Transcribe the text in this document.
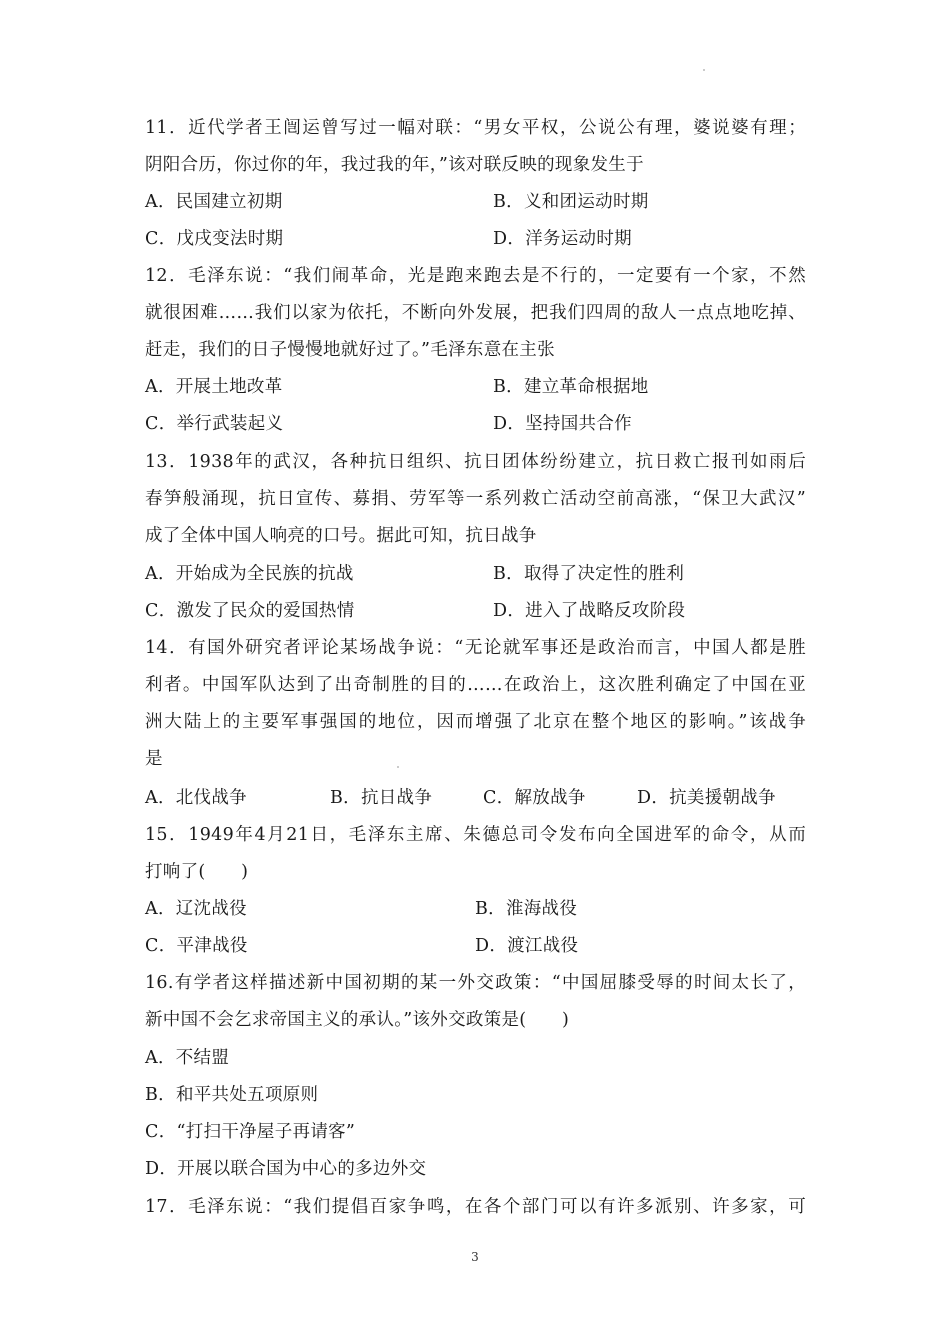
11．近代学者王闿运曾写过一幅对联：“男女平权，公说公有理，婆说婆有理；
阴阳合历，你过你的年，我过我的年，”该对联反映的现象发生于
A．民国建立初期	B．义和团运动时期
C．戊戌变法时期	D．洋务运动时期
12．毛泽东说：“我们闹革命，光是跑来跑去是不行的，一定要有一个家，不然
就很困难……我们以家为依托，不断向外发展，把我们四周的敌人一点点地吃掉、
赶走，我们的日子慢慢地就好过了。”毛泽东意在主张
A．开展土地改革	B．建立革命根据地
C．举行武装起义	D．坚持国共合作
13．1938年的武汉，各种抗日组织、抗日团体纷纷建立，抗日救亡报刊如雨后
春笋般涌现，抗日宣传、募捐、劳军等一系列救亡活动空前高涨，“保卫大武汉”
成了全体中国人响亮的口号。据此可知，抗日战争
A．开始成为全民族的抗战	B．取得了决定性的胜利
C．激发了民众的爱国热情	D．进入了战略反攻阶段
14．有国外研究者评论某场战争说：“无论就军事还是政治而言，中国人都是胜
利者。中国军队达到了出奇制胜的目的……在政治上，这次胜利确定了中国在亚
洲大陆上的主要军事强国的地位，因而增强了北京在整个地区的影响。”该战争
是
A．北伐战争	B．抗日战争	C．解放战争	D．抗美援朝战争
15．1949年4月21日，毛泽东主席、朱德总司令发布向全国进军的命令，从而
打响了(　　)
A．辽沈战役	B．淮海战役
C．平津战役	D．渡江战役
16.有学者这样描述新中国初期的某一外交政策：“中国屈膝受辱的时间太长了，
新中国不会乞求帝国主义的承认。”该外交政策是(　　)
A．不结盟
B．和平共处五项原则
C．“打扫干净屋子再请客”
D．开展以联合国为中心的多边外交
17．毛泽东说：“我们提倡百家争鸣，在各个部门可以有许多派别、许多家，可
3
